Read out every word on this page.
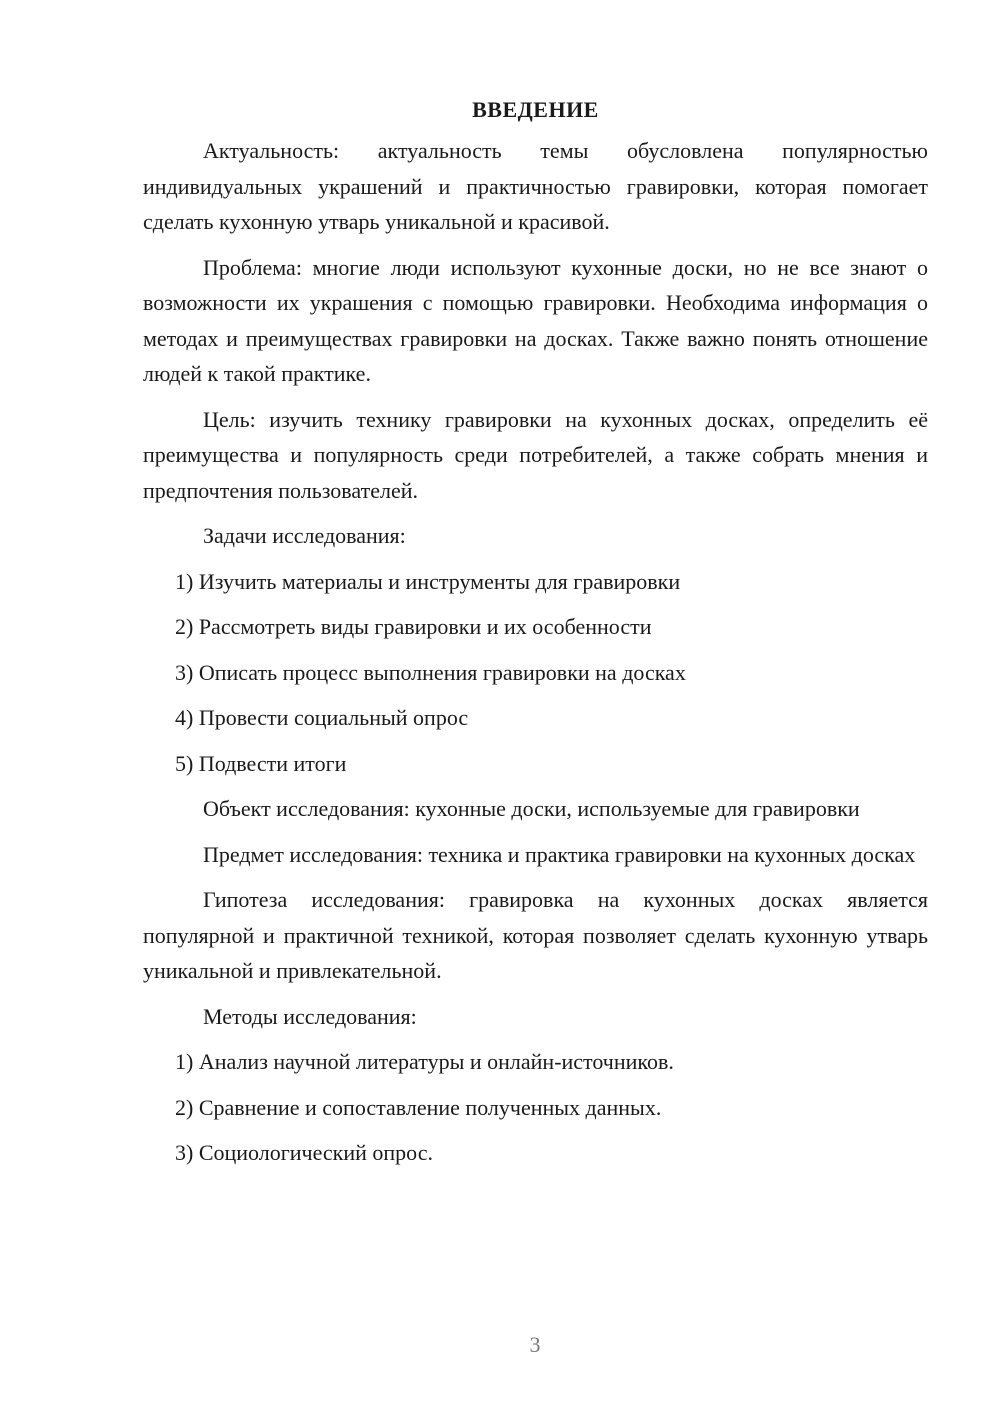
ВВЕДЕНИЕ

Актуальность: актуальность темы обусловлена популярностью индивидуальных украшений и практичностью гравировки, которая помогает сделать кухонную утварь уникальной и красивой.

Проблема: многие люди используют кухонные доски, но не все знают о возможности их украшения с помощью гравировки. Необходима информация о методах и преимуществах гравировки на досках. Также важно понять отношение людей к такой практике.

Цель: изучить технику гравировки на кухонных досках, определить её преимущества и популярность среди потребителей, а также собрать мнения и предпочтения пользователей.

Задачи исследования:

1) Изучить материалы и инструменты для гравировки
2) Рассмотреть виды гравировки и их особенности
3) Описать процесс выполнения гравировки на досках
4) Провести социальный опрос
5) Подвести итоги

Объект исследования: кухонные доски, используемые для гравировки

Предмет исследования: техника и практика гравировки на кухонных досках

Гипотеза исследования: гравировка на кухонных досках является популярной и практичной техникой, которая позволяет сделать кухонную утварь уникальной и привлекательной.

Методы исследования:

1) Анализ научной литературы и онлайн-источников.
2) Сравнение и сопоставление полученных данных.
3) Социологический опрос.
3
